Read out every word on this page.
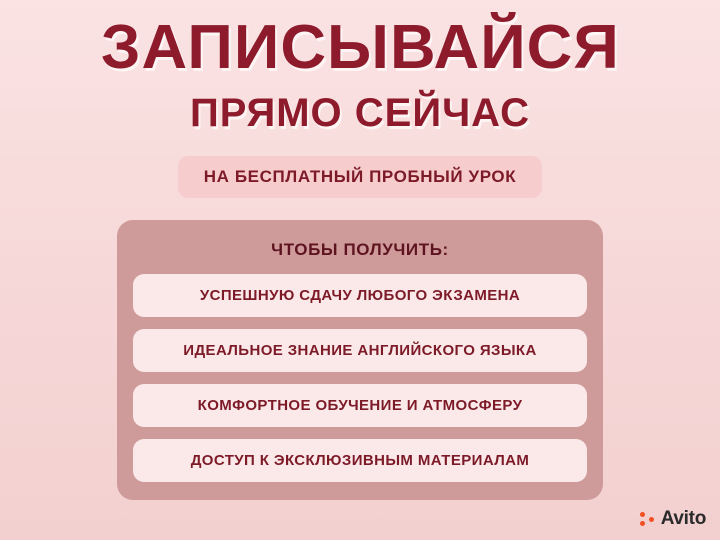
ЗАПИСЫВАЙСЯ
ПРЯМО СЕЙЧАС
НА БЕСПЛАТНЫЙ ПРОБНЫЙ УРОК
ЧТОБЫ ПОЛУЧИТЬ:
УСПЕШНУЮ СДАЧУ ЛЮБОГО ЭКЗАМЕНА
ИДЕАЛЬНОЕ ЗНАНИЕ АНГЛИЙСКОГО ЯЗЫКА
КОМФОРТНОЕ ОБУЧЕНИЕ И АТМОСФЕРУ
ДОСТУП К ЭКСКЛЮЗИВНЫМ МАТЕРИАЛАМ
Avito
